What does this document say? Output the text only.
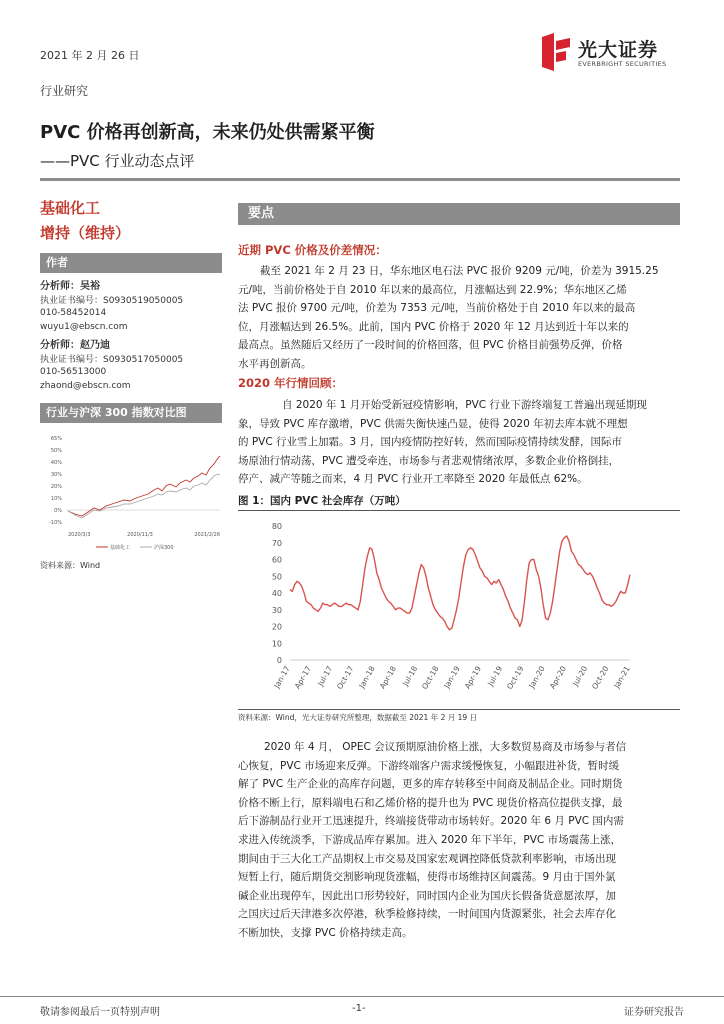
2021 年 2 月 26 日	光大证券
EVERBRIGHT SECURITIES
行业研究
PVC 价格再创新高，未来仍处供需紧平衡
——PVC 行业动态点评
基础化工
增持（维持）
作者
分析师：吴裕
执业证书编号：S0930519050005
010-58452014
wuyu1@ebscn.com
分析师：赵乃迪
执业证书编号：S0930517050005
010-56513000
zhaond@ebscn.com
行业与沪深 300 指数对比图
65%
50%
40%
30%
20%
10%
0%
-10%
2020/3/3	2020/11/3	2021/2/26
基础化工	沪深300
资料来源：Wind
要点
近期 PVC 价格及价差情况：
截至 2021 年 2 月 23 日，华东地区电石法 PVC 报价 9209 元/吨，价差为 3915.25
元/吨，当前价格处于自 2010 年以来的最高位，月涨幅达到 22.9%；华东地区乙烯
法 PVC 报价 9700 元/吨，价差为 7353 元/吨，当前价格处于自 2010 年以来的最高
位，月涨幅达到 26.5%。此前，国内 PVC 价格于 2020 年 12 月达到近十年以来的
最高点。虽然随后又经历了一段时间的价格回落，但 PVC 价格目前强势反弹，价格
水平再创新高。
2020 年行情回顾：
自 2020 年 1 月开始受新冠疫情影响，PVC 行业下游终端复工普遍出现延期现
象，导致 PVC 库存激增，PVC 供需失衡快速凸显，使得 2020 年初去库本就不理想
的 PVC 行业雪上加霜。3 月，国内疫情防控好转，然而国际疫情持续发酵，国际市
场原油行情动荡，PVC 遭受牵连，市场参与者悲观情绪浓厚，多数企业价格倒挂，
停产、减产等随之而来，4 月 PVC 行业开工率降至 2020 年最低点 62%。
图 1：国内 PVC 社会库存（万吨）
0
10
20
30
40
50
60
70
80
Jan-17 Apr-17 Jul-17 Oct-17 Jan-18 Apr-18 Jul-18 Oct-18 Jan-19 Apr-19 Jul-19 Oct-19 Jan-20 Apr-20 Jul-20 Oct-20 Jan-21
资料来源：Wind，光大证券研究所整理，数据截至 2021 年 2 月 19 日
2020 年 4 月， OPEC 会议预期原油价格上涨，大多数贸易商及市场参与者信
心恢复，PVC 市场迎来反弹。下游终端客户需求缓慢恢复，小幅跟进补货，暂时缓
解了 PVC 生产企业的高库存问题，更多的库存转移至中间商及制品企业。同时期货
价格不断上行，原料端电石和乙烯价格的提升也为 PVC 现货价格高位提供支撑，最
后下游制品行业开工迅速提升，终端接货带动市场转好。2020 年 6 月 PVC 国内需
求进入传统淡季，下游成品库存累加。进入 2020 年下半年，PVC 市场震荡上涨，
期间由于三大化工产品期权上市交易及国家宏观调控降低贷款利率影响，市场出现
短暂上行，随后期货交割影响现货涨幅，使得市场维持区间震荡。9 月由于国外氯
碱企业出现停车，因此出口形势较好，同时国内企业为国庆长假备货意愿浓厚，加
之国庆过后天津港多次停港，秋季检修持续，一时间国内货源紧张，社会去库存化
不断加快，支撑 PVC 价格持续走高。
敬请参阅最后一页特别声明	-1-	证券研究报告
